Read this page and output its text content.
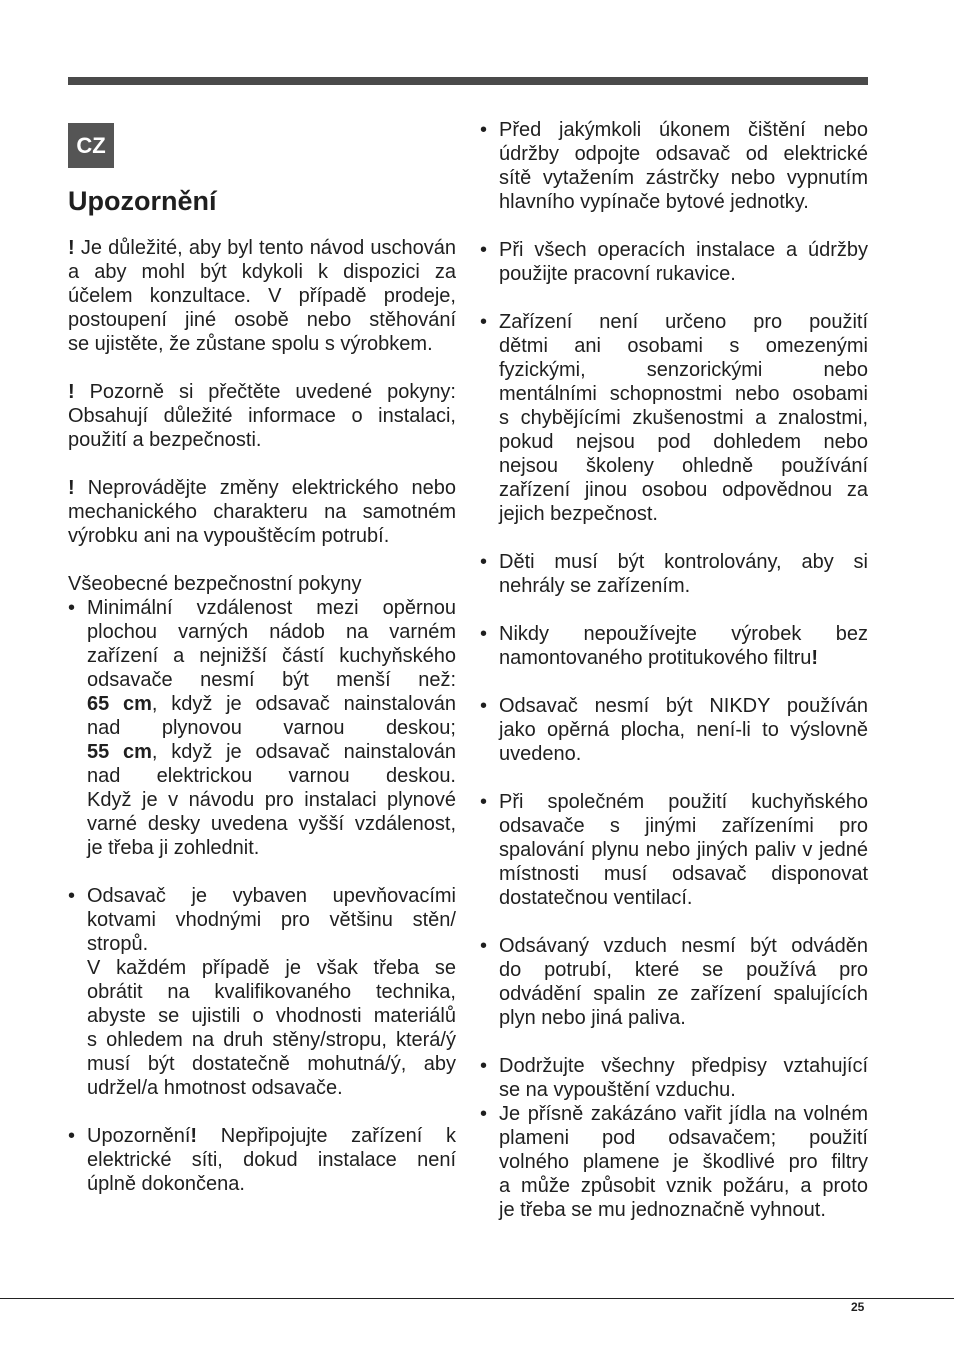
CZ
Upozornění
! Je důležité, aby byl tento návod uschován
a aby mohl být kdykoli k dispozici za
účelem konzultace. V případě prodeje,
postoupení jiné osobě nebo stěhování
se ujistěte, že zůstane spolu s výrobkem.
! Pozorně si přečtěte uvedené pokyny:
Obsahují důležité informace o instalaci,
použití a bezpečnosti.
! Neprovádějte změny elektrického nebo
mechanického charakteru na samotném
výrobku ani na vypouštěcím potrubí.
Všeobecné bezpečnostní pokyny
• Minimální vzdálenost mezi opěrnou
plochou varných nádob na varném
zařízení a nejnižší částí kuchyňského
odsavače nesmí být menší než:
65 cm, když je odsavač nainstalován
nad plynovou varnou deskou;
55 cm, když je odsavač nainstalován
nad elektrickou varnou deskou.
Když je v návodu pro instalaci plynové
varné desky uvedena vyšší vzdálenost,
je třeba ji zohlednit.
• Odsavač je vybaven upevňovacími
kotvami vhodnými pro většinu stěn/
stropů.
V každém případě je však třeba se
obrátit na kvalifikovaného technika,
abyste se ujistili o vhodnosti materiálů
s ohledem na druh stěny/stropu, která/ý
musí být dostatečně mohutná/ý, aby
udržel/a hmotnost odsavače.
• Upozornění! Nepřipojujte zařízení k
elektrické síti, dokud instalace není
úplně dokončena.
• Před jakýmkoli úkonem čištění nebo
údržby odpojte odsavač od elektrické
sítě vytažením zástrčky nebo vypnutím
hlavního vypínače bytové jednotky.
• Při všech operacích instalace a údržby
použijte pracovní rukavice.
• Zařízení není určeno pro použití
dětmi ani osobami s omezenými
fyzickými, senzorickými nebo
mentálními schopnostmi nebo osobami
s chybějícími zkušenostmi a znalostmi,
pokud nejsou pod dohledem nebo
nejsou školeny ohledně používání
zařízení jinou osobou odpovědnou za
jejich bezpečnost.
• Děti musí být kontrolovány, aby si
nehrály se zařízením.
• Nikdy nepoužívejte výrobek bez
namontovaného protitukového filtru!
• Odsavač nesmí být NIKDY používán
jako opěrná plocha, není-li to výslovně
uvedeno.
• Při společném použití kuchyňského
odsavače s jinými zařízeními pro
spalování plynu nebo jiných paliv v jedné
místnosti musí odsavač disponovat
dostatečnou ventilací.
• Odsávaný vzduch nesmí být odváděn
do potrubí, které se používá pro
odvádění spalin ze zařízení spalujících
plyn nebo jiná paliva.
• Dodržujte všechny předpisy vztahující
se na vypouštění vzduchu.
• Je přísně zakázáno vařit jídla na volném
plameni pod odsavačem; použití
volného plamene je škodlivé pro filtry
a může způsobit vznik požáru, a proto
je třeba se mu jednoznačně vyhnout.
25
